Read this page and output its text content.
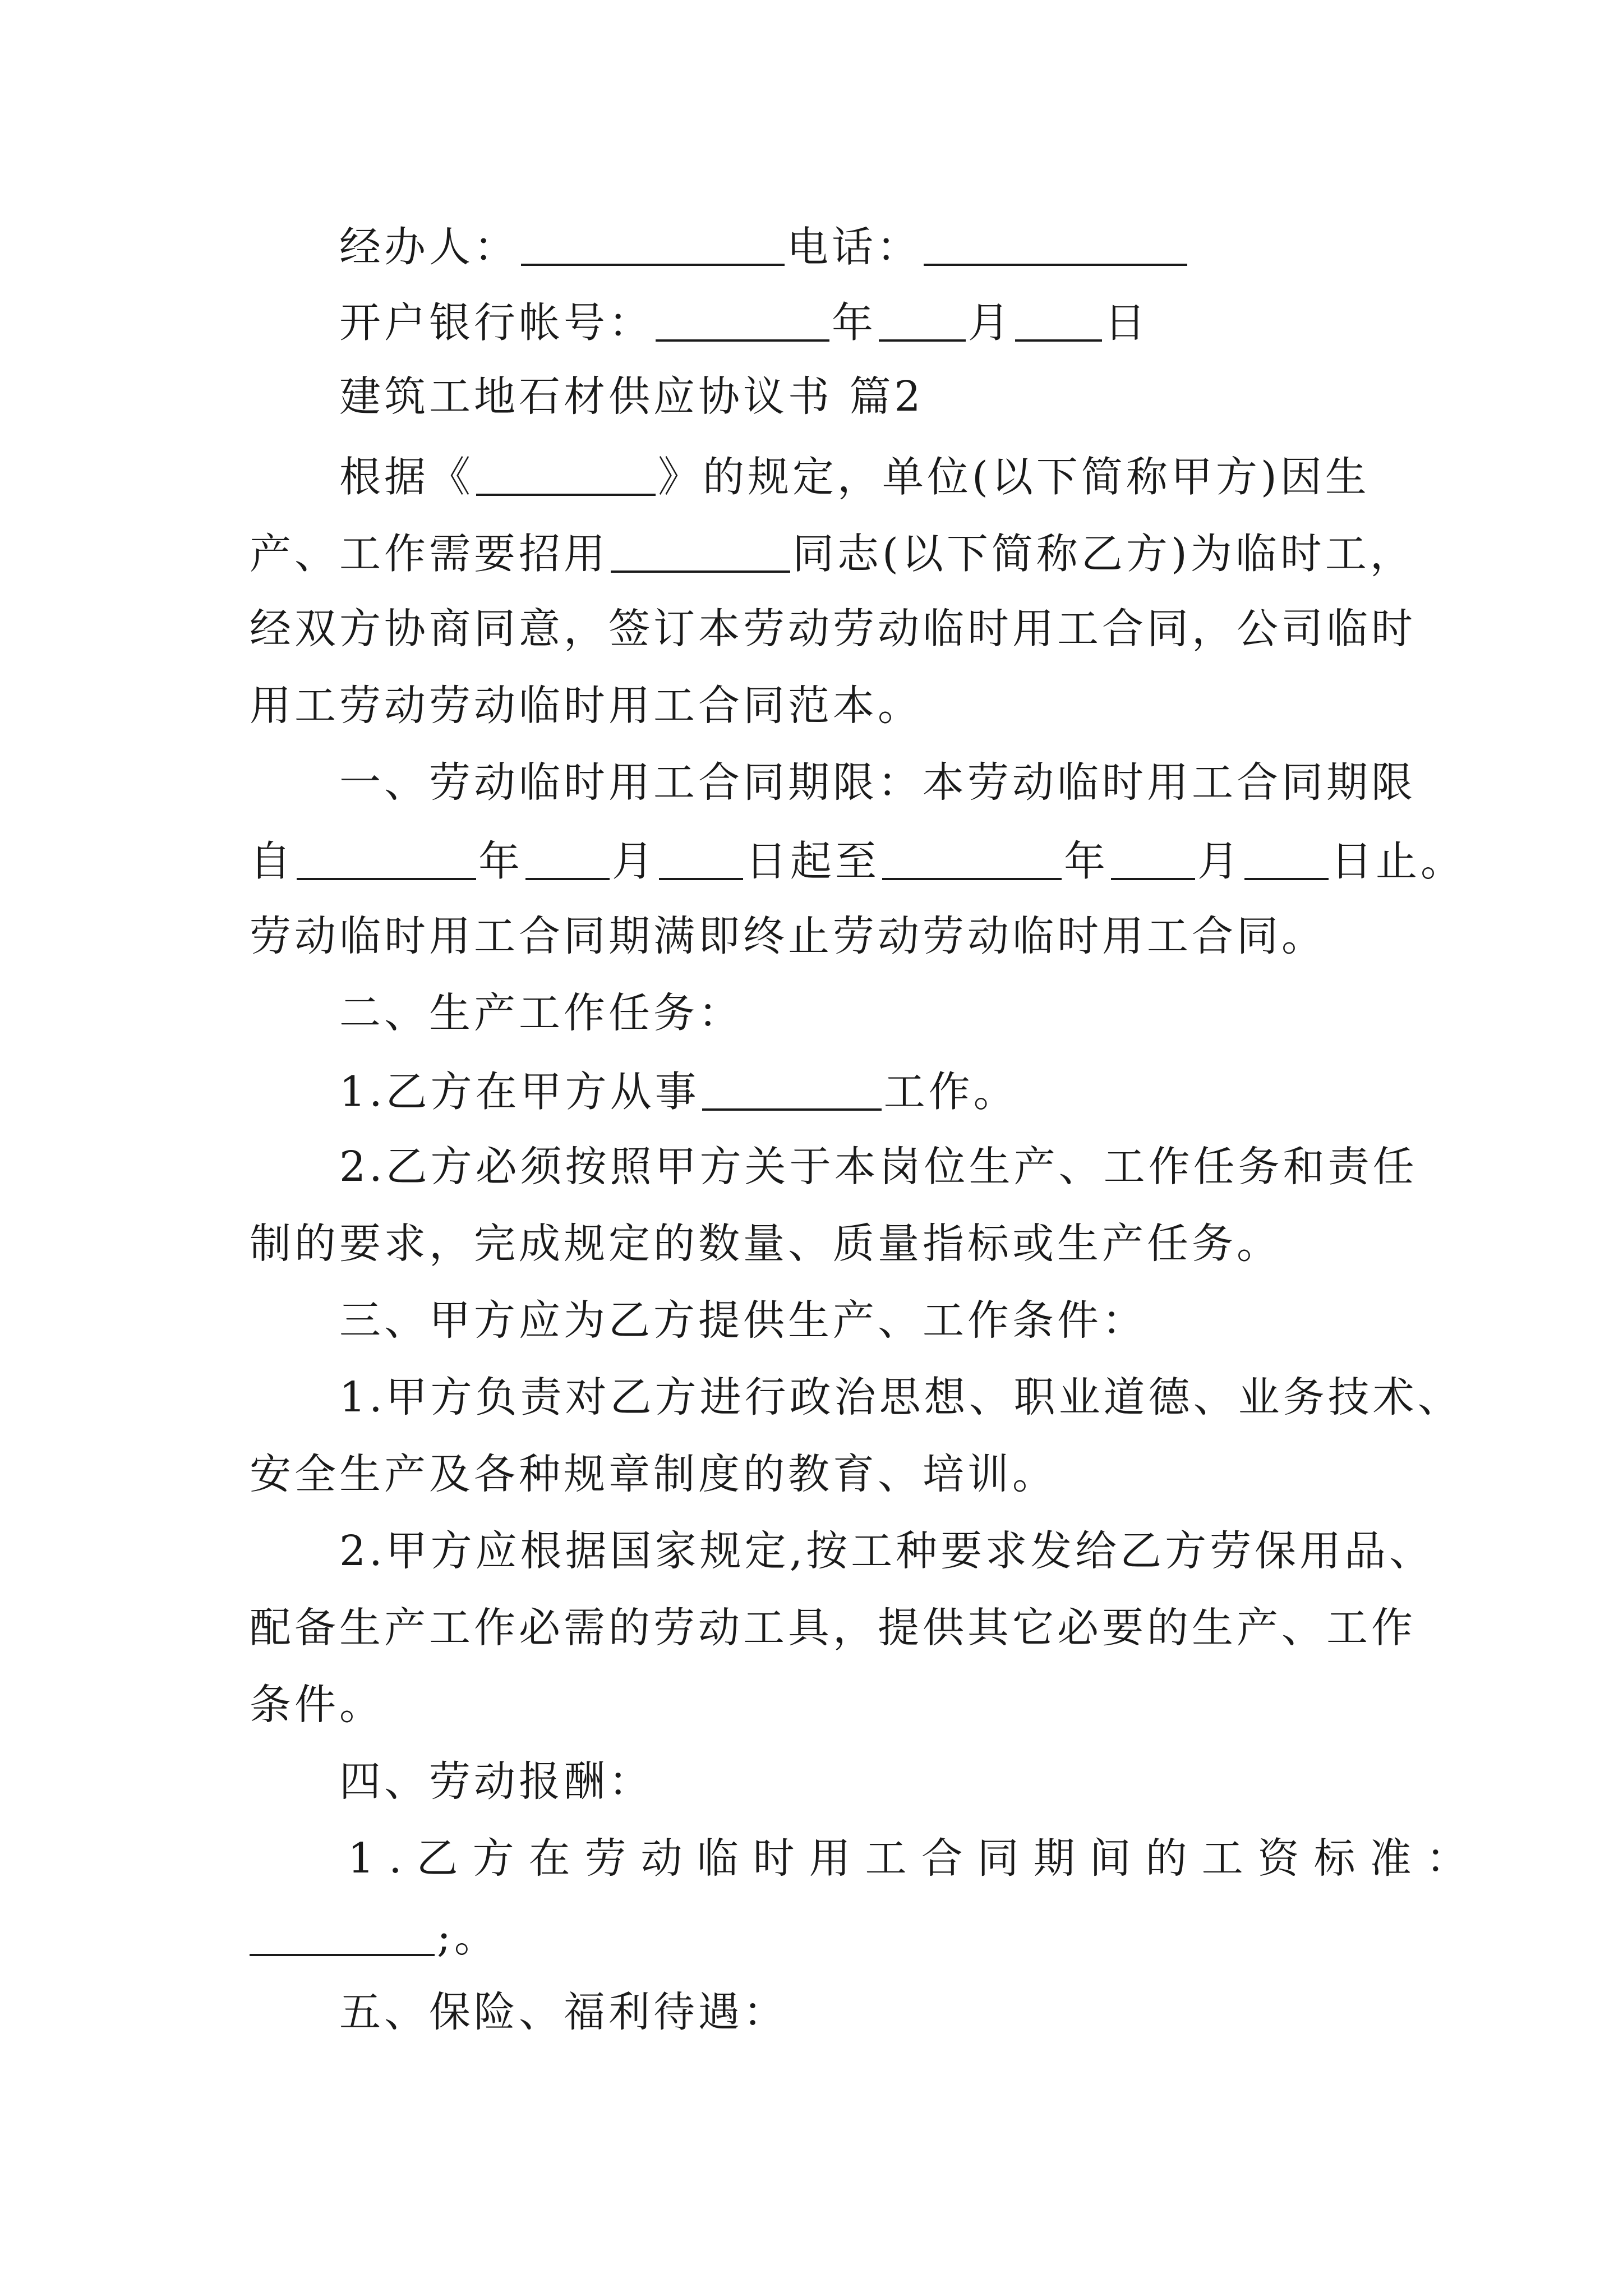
经办人：	电话：
开户银行帐号：	年 月 日
建筑工地石材供应协议书 篇2
根据《	》的规定，单位(以下简称甲方)因生
产、工作需要招用	同志(以下简称乙方)为临时工，
经双方协商同意，签订本劳动劳动临时用工合同，公司临时
用工劳动劳动临时用工合同范本。
一、劳动临时用工合同期限：本劳动临时用工合同期限
自	年 月 日起至	年 月 日止。
劳动临时用工合同期满即终止劳动劳动临时用工合同。
二、生产工作任务：
1.乙方在甲方从事	工作。
2.乙方必须按照甲方关于本岗位生产、工作任务和责任
制的要求，完成规定的数量、质量指标或生产任务。
三、甲方应为乙方提供生产、工作条件：
1.甲方负责对乙方进行政治思想、职业道德、业务技术、
安全生产及各种规章制度的教育、培训。
2.甲方应根据国家规定,按工种要求发给乙方劳保用品、
配备生产工作必需的劳动工具，提供其它必要的生产、工作
条件。
四、劳动报酬：
1.乙方在劳动临时用工合同期间的工资标准：
;。
五、保险、福利待遇：
